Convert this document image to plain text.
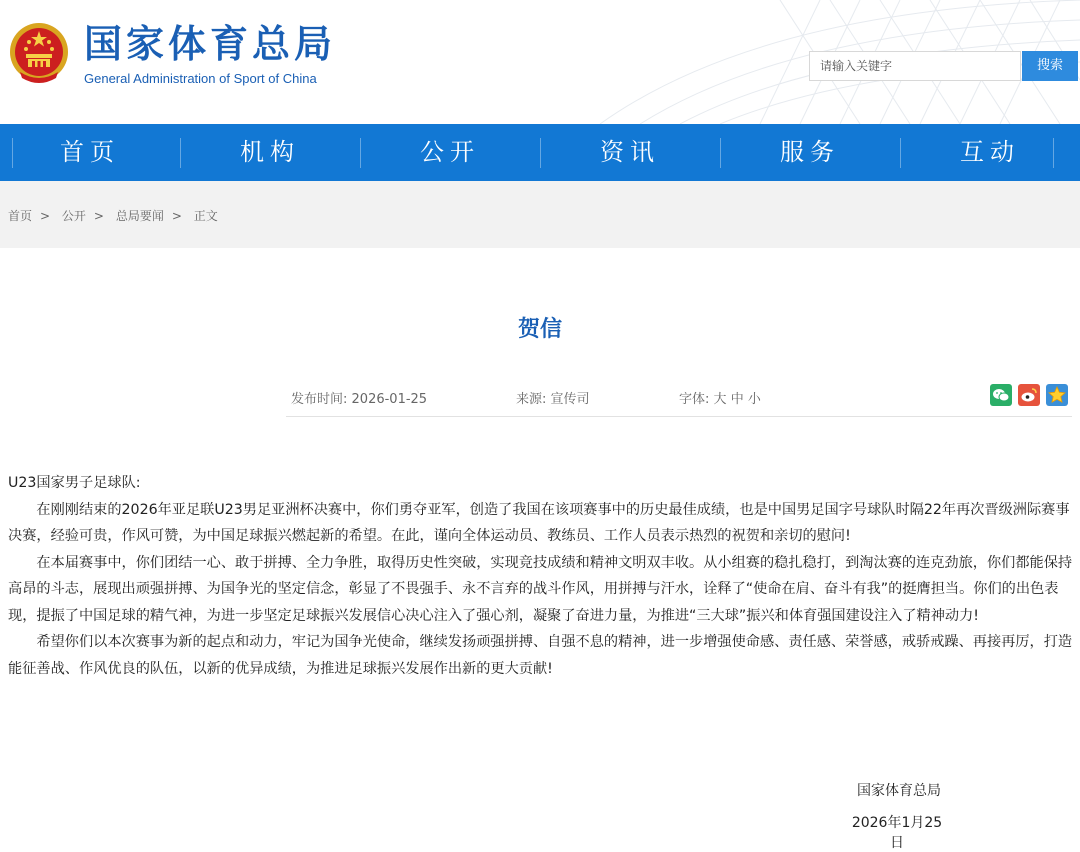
国家体育总局
General Administration of Sport of China
请输入关键字	搜索
首页	机构	公开	资讯	服务	互动
首页 > 公开 > 总局要闻 > 正文
贺信
发布时间: 2026-01-25	来源: 宣传司	字体: 大 中 小

U23国家男子足球队:

在刚刚结束的2026年亚足联U23男足亚洲杯决赛中，你们勇夺亚军，创造了我国在该项赛事中的历史最佳成绩，也是中国男足国字号球队时隔22年再次晋级洲际赛事决赛，经验可贵，作风可赞，为中国足球振兴燃起新的希望。在此，谨向全体运动员、教练员、工作人员表示热烈的祝贺和亲切的慰问!

在本届赛事中，你们团结一心、敢于拼搏、全力争胜，取得历史性突破，实现竞技成绩和精神文明双丰收。从小组赛的稳扎稳打，到淘汰赛的连克劲旅，你们都能保持高昂的斗志，展现出顽强拼搏、为国争光的坚定信念，彰显了不畏强手、永不言弃的战斗作风，用拼搏与汗水，诠释了“使命在肩、奋斗有我”的挺膺担当。你们的出色表现，提振了中国足球的精气神，为进一步坚定足球振兴发展信心决心注入了强心剂，凝聚了奋进力量，为推进“三大球”振兴和体育强国建设注入了精神动力!

希望你们以本次赛事为新的起点和动力，牢记为国争光使命，继续发扬顽强拼搏、自强不息的精神，进一步增强使命感、责任感、荣誉感，戒骄戒躁、再接再厉，打造能征善战、作风优良的队伍，以新的优异成绩，为推进足球振兴发展作出新的更大贡献!

国家体育总局
2026年1月25日
